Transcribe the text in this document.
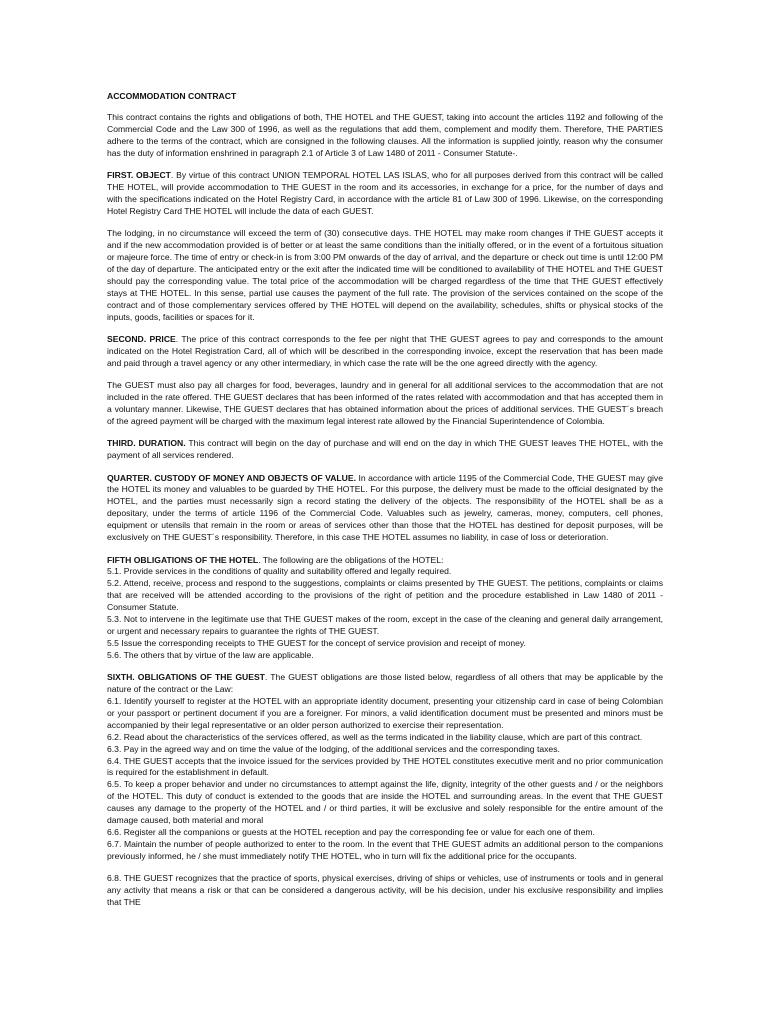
ACCOMMODATION CONTRACT

This contract contains the rights and obligations of both, THE HOTEL and THE GUEST, taking into account the articles 1192 and following of the Commercial Code and the Law 300 of 1996, as well as the regulations that add them, complement and modify them. Therefore, THE PARTIES adhere to the terms of the contract, which are consigned in the following clauses. All the information is supplied jointly, reason why the consumer has the duty of information enshrined in paragraph 2.1 of Article 3 of Law 1480 of 2011 - Consumer Statute-.

FIRST. OBJECT. By virtue of this contract UNION TEMPORAL HOTEL LAS ISLAS, who for all purposes derived from this contract will be called THE HOTEL, will provide accommodation to THE GUEST in the room and its accessories, in exchange for a price, for the number of days and with the specifications indicated on the Hotel Registry Card, in accordance with the article 81 of Law 300 of 1996. Likewise, on the corresponding Hotel Registry Card THE HOTEL will include the data of each GUEST.

The lodging, in no circumstance will exceed the term of (30) consecutive days. THE HOTEL may make room changes if THE GUEST accepts it and if the new accommodation provided is of better or at least the same conditions than the initially offered, or in the event of a fortuitous situation or majeure force. The time of entry or check-in is from 3:00 PM onwards of the day of arrival, and the departure or check out time is until 12:00 PM of the day of departure. The anticipated entry or the exit after the indicated time will be conditioned to availability of THE HOTEL and THE GUEST should pay the corresponding value. The total price of the accommodation will be charged regardless of the time that THE GUEST effectively stays at THE HOTEL. In this sense, partial use causes the payment of the full rate. The provision of the services contained on the scope of the contract and of those complementary services offered by THE HOTEL will depend on the availability, schedules, shifts or physical stocks of the inputs, goods, facilities or spaces for it.

SECOND. PRICE. The price of this contract corresponds to the fee per night that THE GUEST agrees to pay and corresponds to the amount indicated on the Hotel Registration Card, all of which will be described in the corresponding invoice, except the reservation that has been made and paid through a travel agency or any other intermediary, in which case the rate will be the one agreed directly with the agency.

The GUEST must also pay all charges for food, beverages, laundry and in general for all additional services to the accommodation that are not included in the rate offered. THE GUEST declares that has been informed of the rates related with accommodation and that has accepted them in a voluntary manner. Likewise, THE GUEST declares that has obtained information about the prices of additional services. THE GUEST´s breach of the agreed payment will be charged with the maximum legal interest rate allowed by the Financial Superintendence of Colombia.

THIRD. DURATION. This contract will begin on the day of purchase and will end on the day in which THE GUEST leaves THE HOTEL, with the payment of all services rendered.

QUARTER. CUSTODY OF MONEY AND OBJECTS OF VALUE. In accordance with article 1195 of the Commercial Code, THE GUEST may give the HOTEL its money and valuables to be guarded by THE HOTEL. For this purpose, the delivery must be made to the official designated by the HOTEL, and the parties must necessarily sign a record stating the delivery of the objects. The responsibility of the HOTEL shall be as a depositary, under the terms of article 1196 of the Commercial Code. Valuables such as jewelry, cameras, money, computers, cell phones, equipment or utensils that remain in the room or areas of services other than those that the HOTEL has destined for deposit purposes, will be exclusively on THE GUEST´s responsibility. Therefore, in this case THE HOTEL assumes no liability, in case of loss or deterioration.

FIFTH OBLIGATIONS OF THE HOTEL. The following are the obligations of the HOTEL:
5.1. Provide services in the conditions of quality and suitability offered and legally required.
5.2. Attend, receive, process and respond to the suggestions, complaints or claims presented by THE GUEST. The petitions, complaints or claims that are received will be attended according to the provisions of the right of petition and the procedure established in Law 1480 of 2011 - Consumer Statute.
5.3. Not to intervene in the legitimate use that THE GUEST makes of the room, except in the case of the cleaning and general daily arrangement, or urgent and necessary repairs to guarantee the rights of THE GUEST.
5.5 Issue the corresponding receipts to THE GUEST for the concept of service provision and receipt of money.
5.6. The others that by virtue of the law are applicable.
SIXTH. OBLIGATIONS OF THE GUEST. The GUEST obligations are those listed below, regardless of all others that may be applicable by the nature of the contract or the Law:
6.1. Identify yourself to register at the HOTEL with an appropriate identity document, presenting your citizenship card in case of being Colombian or your passport or pertinent document if you are a foreigner. For minors, a valid identification document must be presented and minors must be accompanied by their legal representative or an older person authorized to exercise their representation.
6.2. Read about the characteristics of the services offered, as well as the terms indicated in the liability clause, which are part of this contract.
6.3. Pay in the agreed way and on time the value of the lodging, of the additional services and the corresponding taxes.
6.4. THE GUEST accepts that the invoice issued for the services provided by THE HOTEL constitutes executive merit and no prior communication is required for the establishment in default.
6.5. To keep a proper behavior and under no circumstances to attempt against the life, dignity, integrity of the other guests and / or the neighbors of the HOTEL. This duty of conduct is extended to the goods that are inside the HOTEL and surrounding areas. In the event that THE GUEST causes any damage to the property of the HOTEL and / or third parties, it will be exclusive and solely responsible for the entire amount of the damage caused, both material and moral
6.6. Register all the companions or guests at the HOTEL reception and pay the corresponding fee or value for each one of them.
6.7. Maintain the number of people authorized to enter to the room. In the event that THE GUEST admits an additional person to the companions previously informed, he / she must immediately notify THE HOTEL, who in turn will fix the additional price for the occupants.

6.8. THE GUEST recognizes that the practice of sports, physical exercises, driving of ships or vehicles, use of instruments or tools and in general any activity that means a risk or that can be considered a dangerous activity, will be his decision, under his exclusive responsibility and implies that THE
